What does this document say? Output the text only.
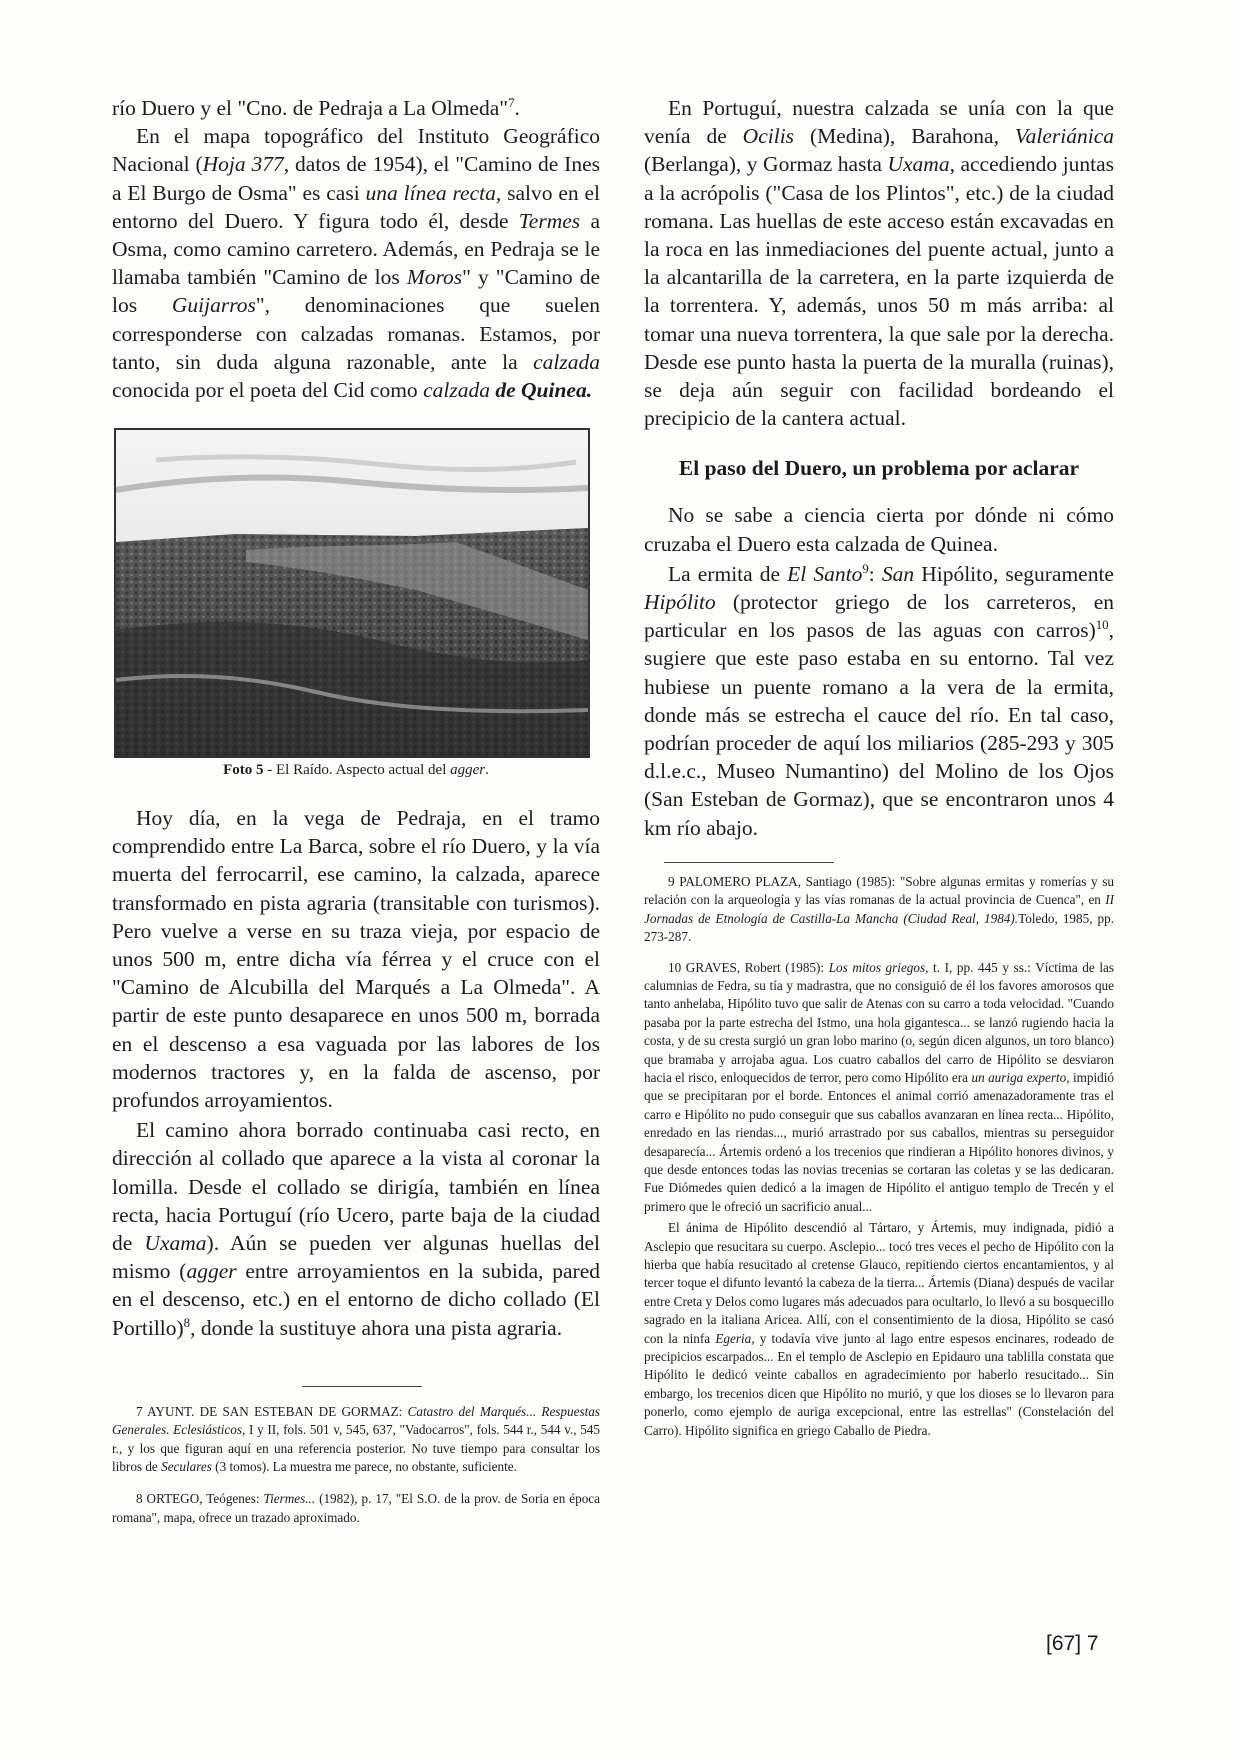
río Duero y el "Cno. de Pedraja a La Olmeda"$^7$.

En el mapa topográfico del Instituto Geográfico Nacional (Hoja 377, datos de 1954), el "Camino de Ines a El Burgo de Osma" es casi una línea recta, salvo en el entorno del Duero. Y figura todo él, desde Termes a Osma, como camino carretero. Además, en Pedraja se le llamaba también "Camino de los Moros" y "Camino de los Guijarros", denominaciones que suelen corresponderse con calzadas romanas. Estamos, por tanto, sin duda alguna razonable, ante la calzada conocida por el poeta del Cid como calzada de Quinea.

Foto 5 - El Raído. Aspecto actual del agger.

Hoy día, en la vega de Pedraja, en el tramo comprendido entre La Barca, sobre el río Duero, y la vía muerta del ferrocarril, ese camino, la calzada, aparece transformado en pista agraria (transitable con turismos). Pero vuelve a verse en su traza vieja, por espacio de unos 500 m, entre dicha vía férrea y el cruce con el "Camino de Alcubilla del Marqués a La Olmeda". A partir de este punto desaparece en unos 500 m, borrada en el descenso a esa vaguada por las labores de los modernos tractores y, en la falda de ascenso, por profundos arroyamientos.

El camino ahora borrado continuaba casi recto, en dirección al collado que aparece a la vista al coronar la lomilla. Desde el collado se dirigía, también en línea recta, hacia Portuguí (río Ucero, parte baja de la ciudad de Uxama). Aún se pueden ver algunas huellas del mismo (agger entre arroyamientos en la subida, pared en el descenso, etc.) en el entorno de dicho collado (El Portillo)$^8$, donde la sustituye ahora una pista agraria.

7 AYUNT. DE SAN ESTEBAN DE GORMAZ: Catastro del Marqués... Respuestas Generales. Eclesiásticos, I y II, fols. 501 v, 545, 637, "Vadocarros", fols. 544 r., 544 v., 545 r., y los que figuran aquí en una referencia posterior. No tuve tiempo para consultar los libros de Seculares (3 tomos). La muestra me parece, no obstante, suficiente.

8 ORTEGO, Teógenes: Tiermes... (1982), p. 17, "El S.O. de la prov. de Soria en época romana", mapa, ofrece un trazado aproximado.

En Portuguí, nuestra calzada se unía con la que venía de Ocilis (Medina), Barahona, Valeriánica (Berlanga), y Gormaz hasta Uxama, accediendo juntas a la acrópolis ("Casa de los Plintos", etc.) de la ciudad romana. Las huellas de este acceso están excavadas en la roca en las inmediaciones del puente actual, junto a la alcantarilla de la carretera, en la parte izquierda de la torrentera. Y, además, unos 50 m más arriba: al tomar una nueva torrentera, la que sale por la derecha. Desde ese punto hasta la puerta de la muralla (ruinas), se deja aún seguir con facilidad bordeando el precipicio de la cantera actual.

El paso del Duero, un problema por aclarar

No se sabe a ciencia cierta por dónde ni cómo cruzaba el Duero esta calzada de Quinea.

La ermita de El Santo$^9$: San Hipólito, seguramente Hipólito (protector griego de los carreteros, en particular en los pasos de las aguas con carros)$^{10}$, sugiere que este paso estaba en su entorno. Tal vez hubiese un puente romano a la vera de la ermita, donde más se estrecha el cauce del río. En tal caso, podrían proceder de aquí los miliarios (285-293 y 305 d.l.e.c., Museo Numantino) del Molino de los Ojos (San Esteban de Gormaz), que se encontraron unos 4 km río abajo.

9 PALOMERO PLAZA, Santiago (1985): "Sobre algunas ermitas y romerías y su relación con la arqueología y las vías romanas de la actual provincia de Cuenca", en II Jornadas de Etnología de Castilla-La Mancha (Ciudad Real, 1984).Toledo, 1985, pp. 273-287.

10 GRAVES, Robert (1985): Los mitos griegos, t. I, pp. 445 y ss.: Víctima de las calumnias de Fedra, su tía y madrastra, que no consiguió de él los favores amorosos que tanto anhelaba, Hipólito tuvo que salir de Atenas con su carro a toda velocidad. "Cuando pasaba por la parte estrecha del Istmo, una hola gigantesca... se lanzó rugiendo hacia la costa, y de su cresta surgió un gran lobo marino (o, según dicen algunos, un toro blanco) que bramaba y arrojaba agua. Los cuatro caballos del carro de Hipólito se desviaron hacia el risco, enloquecidos de terror, pero como Hipólito era un auriga experto, impidió que se precipitaran por el borde. Entonces el animal corrió amenazadoramente tras el carro e Hipólito no pudo conseguir que sus caballos avanzaran en línea recta... Hipólito, enredado en las riendas..., murió arrastrado por sus caballos, mientras su perseguidor desaparecía... Ártemis ordenó a los trecenios que rindieran a Hipólito honores divinos, y que desde entonces todas las novias trecenias se cortaran las coletas y se las dedicaran. Fue Diómedes quien dedicó a la imagen de Hipólito el antiguo templo de Trecén y el primero que le ofreció un sacrificio anual...

El ánima de Hipólito descendió al Tártaro, y Ártemis, muy indignada, pidió a Asclepio que resucitara su cuerpo. Asclepio... tocó tres veces el pecho de Hipólito con la hierba que había resucitado al cretense Glauco, repitiendo ciertos encantamientos, y al tercer toque el difunto levantó la cabeza de la tierra... Ártemis (Diana) después de vacilar entre Creta y Delos como lugares más adecuados para ocultarlo, lo llevó a su bosquecillo sagrado en la italiana Aricea. Allí, con el consentimiento de la diosa, Hipólito se casó con la ninfa Egeria, y todavía vive junto al lago entre espesos encinares, rodeado de precipicios escarpados... En el templo de Asclepio en Epidauro una tablilla constata que Hipólito le dedicó veinte caballos en agradecimiento por haberlo resucitado... Sin embargo, los trecenios dicen que Hipólito no murió, y que los dioses se lo llevaron para ponerlo, como ejemplo de auriga excepcional, entre las estrellas" (Constelación del Carro). Hipólito significa en griego Caballo de Piedra.

[67] 7
